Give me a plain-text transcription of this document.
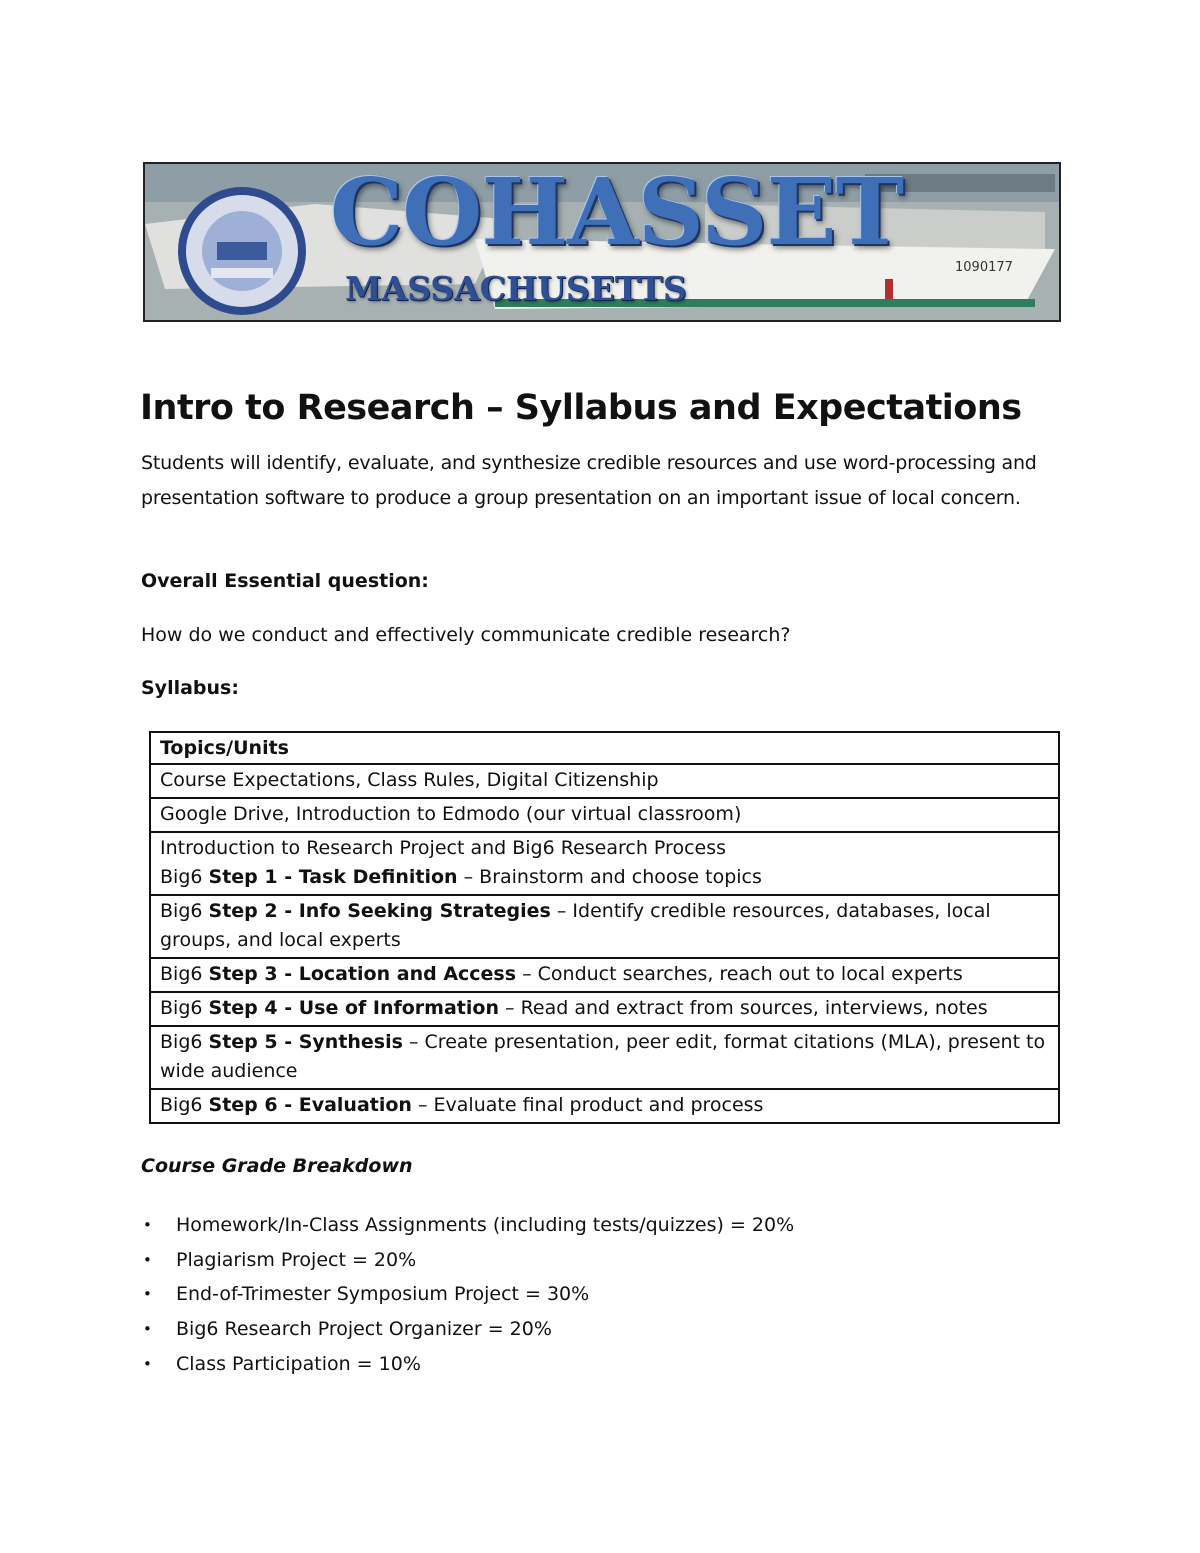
COHASSET
MASSACHUSETTS
1090177
Intro to Research – Syllabus and Expectations

Students will identify, evaluate, and synthesize credible resources and use word-processing and presentation software to produce a group presentation on an important issue of local concern.

Overall Essential question:

How do we conduct and effectively communicate credible research?

Syllabus:

Topics/Units

Course Expectations, Class Rules, Digital Citizenship

Google Drive, Introduction to Edmodo (our virtual classroom)

Introduction to Research Project and Big6 Research Process
Big6 Step 1 - Task Definition – Brainstorm and choose topics

Big6 Step 2 - Info Seeking Strategies – Identify credible resources, databases, local groups, and local experts

Big6 Step 3 - Location and Access – Conduct searches, reach out to local experts

Big6 Step 4 - Use of Information – Read and extract from sources, interviews, notes

Big6 Step 5 - Synthesis – Create presentation, peer edit, format citations (MLA), present to wide audience

Big6 Step 6 - Evaluation – Evaluate final product and process

Course Grade Breakdown

• Homework/In-Class Assignments (including tests/quizzes) = 20%
• Plagiarism Project = 20%
• End-of-Trimester Symposium Project = 30%
• Big6 Research Project Organizer = 20%
• Class Participation = 10%
